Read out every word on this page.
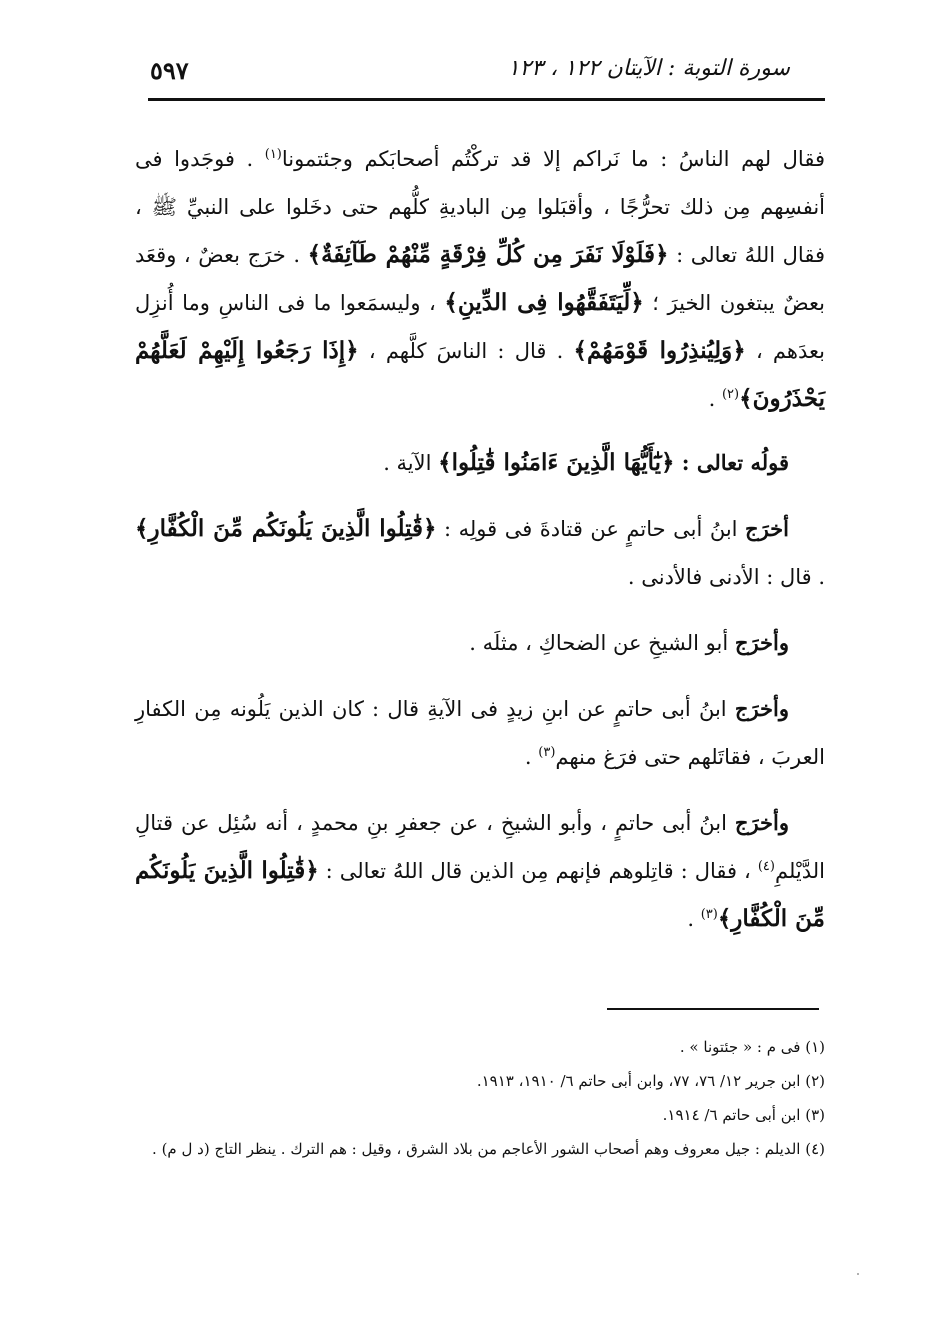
سورة التوبة : الآيتان ١٢٢ ، ١٢٣
٥٩٧

فقال لهم الناسُ : ما نَراكم إلا قد تركْتُم أصحابَكم وجئتمونا$^{(١)}$ . فوجَدوا فى أنفسِهم مِن ذلك تحرُّجًا ، وأقبَلوا مِن الباديةِ كلُّهم حتى دخَلوا على النبيِّ ﷺ ، فقال اللهُ تعالى : ﴿فَلَوْلَا نَفَرَ مِن كُلِّ فِرْقَةٍ مِّنْهُمْ طَآئِفَةٌ﴾ . خرَج بعضٌ ، وقعَد بعضٌ يبتغون الخيرَ ؛ ﴿لِّيَتَفَقَّهُوا فِى الدِّينِ﴾ ، وليسمَعوا ما فى الناسِ وما أُنزِل بعدَهم ، ﴿وَلِيُنذِرُوا قَوْمَهُمْ﴾ . قال : الناسَ كلَّهم ، ﴿إِذَا رَجَعُوا إِلَيْهِمْ لَعَلَّهُمْ يَحْذَرُونَ﴾$^{(٢)}$ .

قولُه تعالى : ﴿يَٰٓأَيُّهَا الَّذِينَ ءَامَنُوا قَٰتِلُوا﴾ الآية .

أخرَج ابنُ أبى حاتمٍ عن قتادةَ فى قولِه : ﴿قَٰتِلُوا الَّذِينَ يَلُونَكُم مِّنَ الْكُفَّارِ﴾ . قال : الأدنى فالأدنى .

وأخرَج أبو الشيخِ عن الضحاكِ ، مثلَه .

وأخرَج ابنُ أبى حاتمٍ عن ابنِ زيدٍ فى الآيةِ قال : كان الذين يَلُونه مِن الكفارِ العربَ ، فقاتَلهم حتى فرَغ منهم$^{(٣)}$ .

وأخرَج ابنُ أبى حاتمٍ ، وأبو الشيخِ ، عن جعفرِ بنِ محمدٍ ، أنه سُئِل عن قتالِ الدَّيْلمِ$^{(٤)}$ ، فقال : قاتِلوهم فإنهم مِن الذين قال اللهُ تعالى : ﴿قَٰتِلُوا الَّذِينَ يَلُونَكُم مِّنَ الْكُفَّارِ﴾$^{(٣)}$ .

(١) فى م : « جئتونا » .

(٢) ابن جرير ١٢/ ٧٦، ٧٧، وابن أبى حاتم ٦/ ١٩١٠، ١٩١٣.

(٣) ابن أبى حاتم ٦/ ١٩١٤.

(٤) الديلم : جيل معروف وهم أصحاب الشور الأعاجم من بلاد الشرق ، وقيل : هم الترك . ينظر التاج (د ل م) .
